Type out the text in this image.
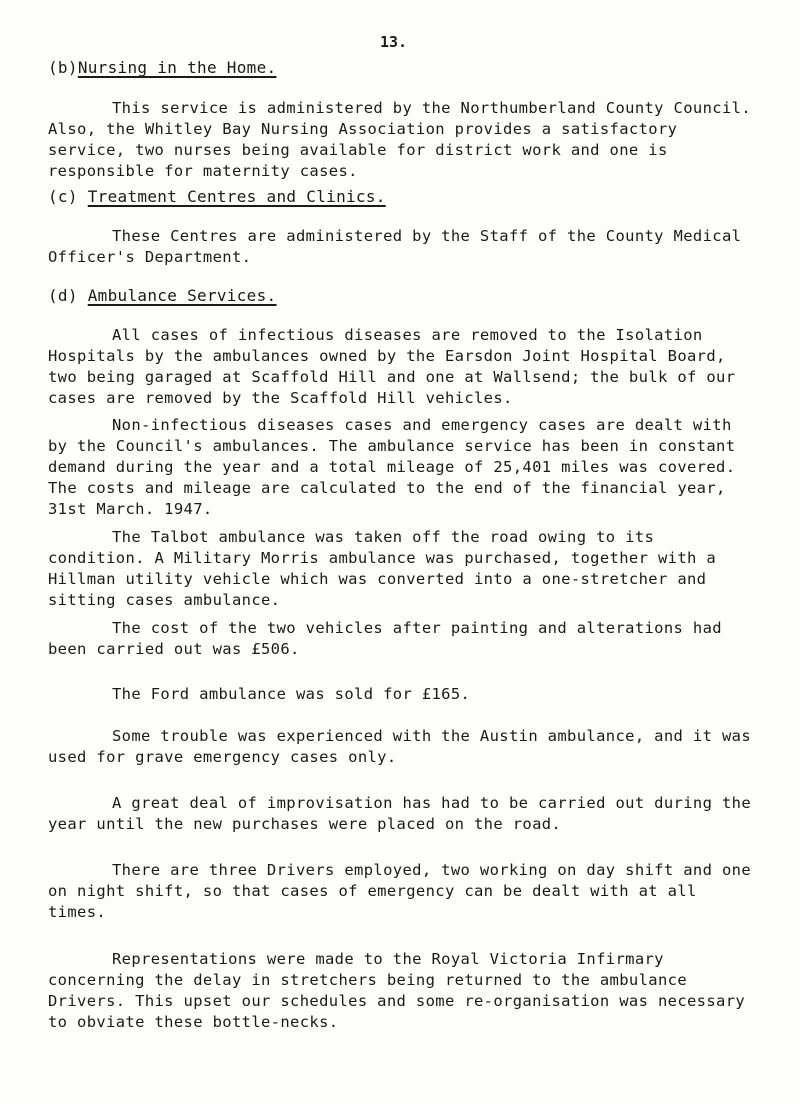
13.
(b)Nursing in the Home.
This service is administered by the Northumberland County Council. Also, the Whitley Bay Nursing Association provides a satisfactory service, two nurses being available for district work and one is responsible for maternity cases.
(c) Treatment Centres and Clinics.
These Centres are administered by the Staff of the County Medical Officer's Department.
(d) Ambulance Services.
All cases of infectious diseases are removed to the Isolation Hospitals by the ambulances owned by the Earsdon Joint Hospital Board, two being garaged at Scaffold Hill and one at Wallsend; the bulk of our cases are removed by the Scaffold Hill vehicles.
Non-infectious diseases cases and emergency cases are dealt with by the Council's ambulances. The ambulance service has been in constant demand during the year and a total mileage of 25,401 miles was covered. The costs and mileage are calculated to the end of the financial year, 31st March. 1947.
The Talbot ambulance was taken off the road owing to its condition. A Military Morris ambulance was purchased, together with a Hillman utility vehicle which was converted into a one-stretcher and sitting cases ambulance.
The cost of the two vehicles after painting and alterations had been carried out was £506.
The Ford ambulance was sold for £165.
Some trouble was experienced with the Austin ambulance, and it was used for grave emergency cases only.
A great deal of improvisation has had to be carried out during the year until the new purchases were placed on the road.
There are three Drivers employed, two working on day shift and one on night shift, so that cases of emergency can be dealt with at all times.
Representations were made to the Royal Victoria Infirmary concerning the delay in stretchers being returned to the ambulance Drivers. This upset our schedules and some re-organisation was necessary to obviate these bottle-necks.
